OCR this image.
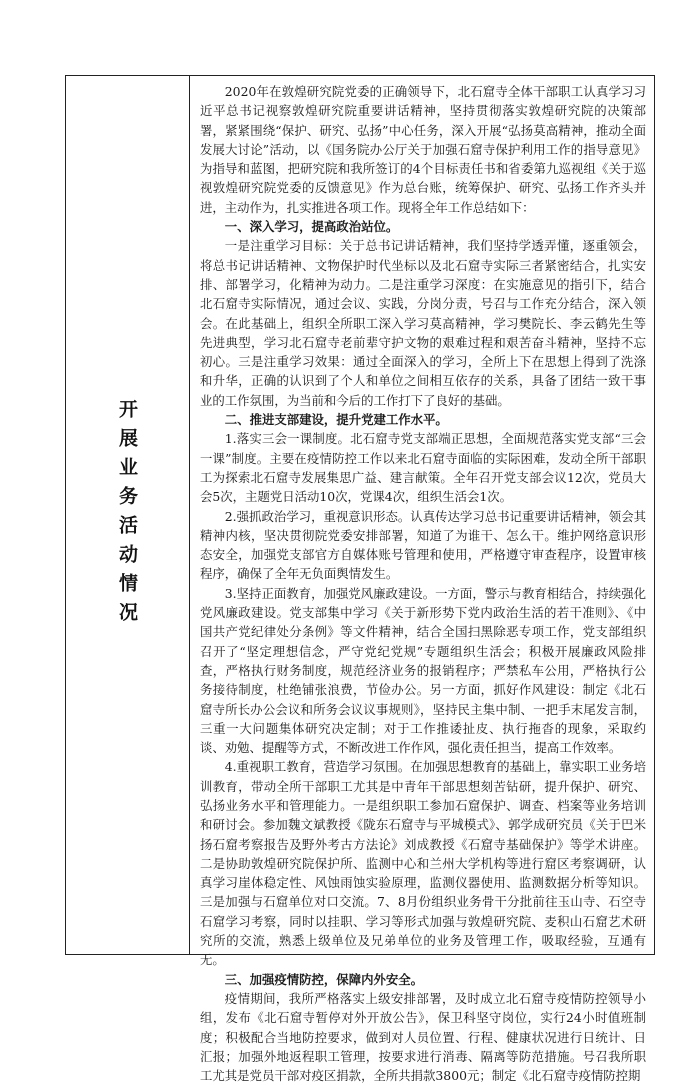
开展业务活动情况

2020年在敦煌研究院党委的正确领导下，北石窟寺全体干部职工认真学习习近平总书记视察敦煌研究院重要讲话精神，坚持贯彻落实敦煌研究院的决策部署，紧紧围绕“保护、研究、弘扬”中心任务，深入开展“弘扬莫高精神，推动全面发展大讨论”活动，以《国务院办公厅关于加强石窟寺保护利用工作的指导意见》为指导和蓝图，把研究院和我所签订的4个目标责任书和省委第九巡视组《关于巡视敦煌研究院党委的反馈意见》作为总台账，统筹保护、研究、弘扬工作齐头并进，主动作为，扎实推进各项工作。现将全年工作总结如下：

一、深入学习，提高政治站位。

一是注重学习目标：关于总书记讲话精神，我们坚持学透弄懂，逐重领会，将总书记讲话精神、文物保护时代坐标以及北石窟寺实际三者紧密结合，扎实安排、部署学习，化精神为动力。二是注重学习深度：在实施意见的指引下，结合北石窟寺实际情况，通过会议、实践，分岗分责，号召与工作充分结合，深入领会。在此基础上，组织全所职工深入学习莫高精神，学习樊院长、李云鹤先生等先进典型，学习北石窟寺老前辈守护文物的艰难过程和艰苦奋斗精神，坚持不忘初心。三是注重学习效果：通过全面深入的学习，全所上下在思想上得到了洗涤和升华，正确的认识到了个人和单位之间相互依存的关系，具备了团结一致干事业的工作氛围，为当前和今后的工作打下了良好的基础。

二、推进支部建设，提升党建工作水平。

1.落实三会一课制度。北石窟寺党支部端正思想，全面规范落实党支部“三会一课”制度。主要在疫情防控工作以来北石窟寺面临的实际困难，发动全所干部职工为探索北石窟寺发展集思广益、建言献策。全年召开党支部会议12次，党员大会5次，主题党日活动10次，党课4次，组织生活会1次。

2.强抓政治学习，重视意识形态。认真传达学习总书记重要讲话精神，领会其精神内核，坚决贯彻院党委安排部署，知道了为谁干、怎么干。维护网络意识形态安全，加强党支部官方自媒体账号管理和使用，严格遵守审查程序，设置审核程序，确保了全年无负面舆情发生。

3.坚持正面教育，加强党风廉政建设。一方面，警示与教育相结合，持续强化党风廉政建设。党支部集中学习《关于新形势下党内政治生活的若干准则》、《中国共产党纪律处分条例》等文件精神，结合全国扫黑除恶专项工作，党支部组织召开了“坚定理想信念，严守党纪党规”专题组织生活会；积极开展廉政风险排查，严格执行财务制度，规范经济业务的报销程序；严禁私车公用，严格执行公务接待制度，杜绝铺张浪费，节俭办公。另一方面，抓好作风建设：制定《北石窟寺所长办公会议和所务会议议事规则》，坚持民主集中制、一把手末尾发言制，三重一大问题集体研究决定制；对于工作推诿扯皮、执行拖沓的现象，采取约谈、劝勉、提醒等方式，不断改进工作作风，强化责任担当，提高工作效率。

4.重视职工教育，营造学习氛围。在加强思想教育的基础上，靠实职工业务培训教育，带动全所干部职工尤其是中青年干部思想刻苦钻研，提升保护、研究、弘扬业务水平和管理能力。一是组织职工参加石窟保护、调查、档案等业务培训和研讨会。参加魏文斌教授《陇东石窟寺与平城模式》、郭学成研究员《关于巴米扬石窟考察报告及野外考古方法论》刘成教授《石窟寺基础保护》等学术讲座。二是协助敦煌研究院保护所、监测中心和兰州大学机构等进行窟区考察调研，认真学习崖体稳定性、风蚀雨蚀实验原理，监测仪器使用、监测数据分析等知识。三是加强与石窟单位对口交流。7、8月份组织业务骨干分批前往玉山寺、石空寺石窟学习考察，同时以挂职、学习等形式加强与敦煌研究院、麦积山石窟艺术研究所的交流，熟悉上级单位及兄弟单位的业务及管理工作，吸取经验，互通有无。

三、加强疫情防控，保障内外安全。

疫情期间，我所严格落实上级安排部署，及时成立北石窟寺疫情防控领导小组，发布《北石窟寺暂停对外开放公告》，保卫科坚守岗位，实行24小时值班制度；积极配合当地防控要求，做到对人员位置、行程、健康状况进行日统计、日汇报；加强外地返程职工管理，按要求进行消毒、隔离等防范措施。号召我所职工尤其是党员干部对疫区捐款，全所共捐款3800元；制定《北石窟寺疫情防控期
